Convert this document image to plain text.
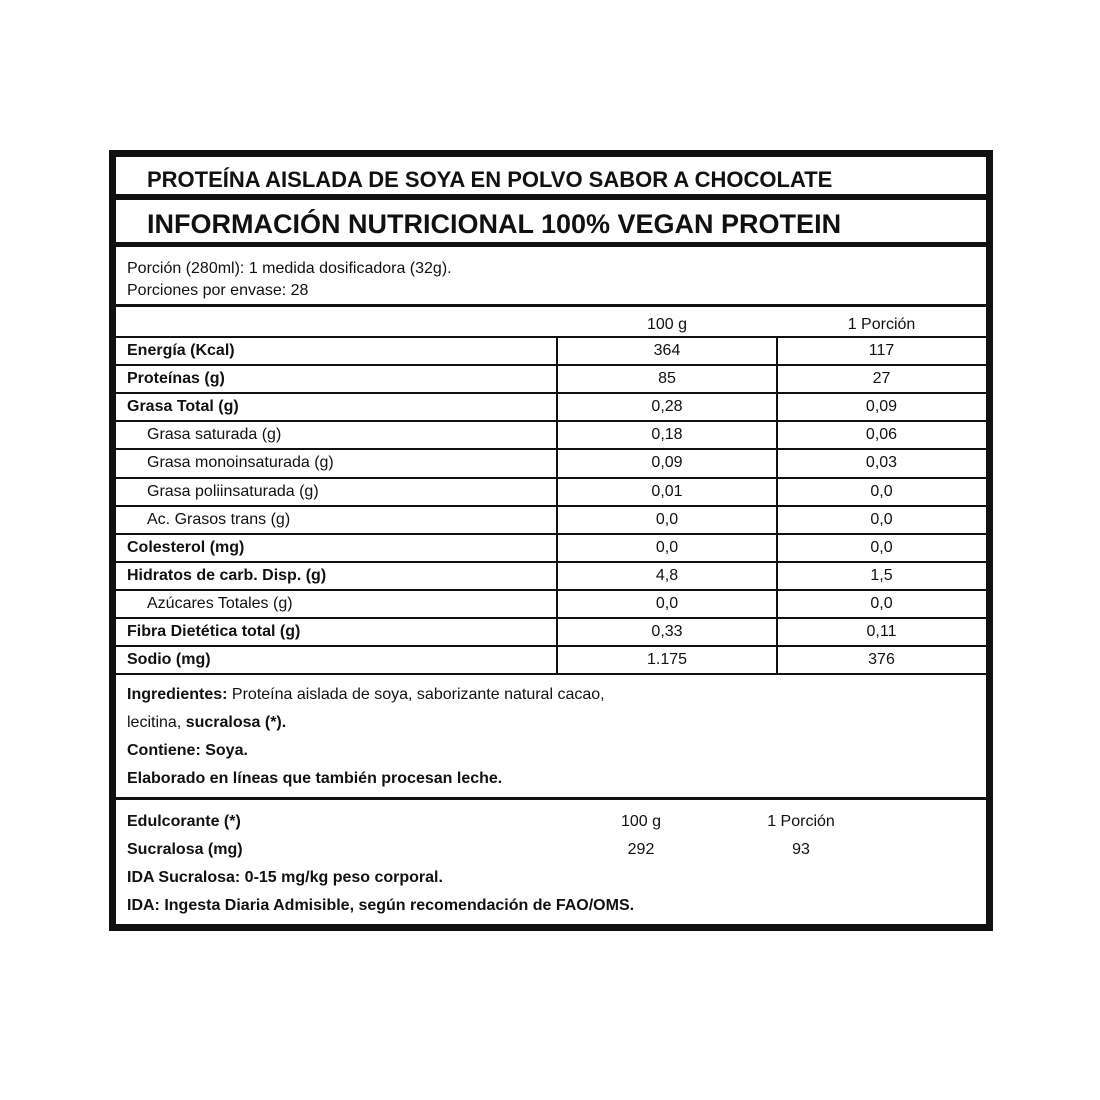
PROTEÍNA AISLADA DE SOYA EN POLVO SABOR A CHOCOLATE
INFORMACIÓN NUTRICIONAL 100% VEGAN PROTEIN
Porción (280ml): 1 medida dosificadora (32g).
Porciones por envase: 28
100 g	1 Porción
Energía (Kcal)	364	117
Proteínas (g)	85	27
Grasa Total (g)	0,28	0,09
Grasa saturada (g)	0,18	0,06
Grasa monoinsaturada (g)	0,09	0,03
Grasa poliinsaturada (g)	0,01	0,0
Ac. Grasos trans (g)	0,0	0,0
Colesterol (mg)	0,0	0,0
Hidratos de carb. Disp. (g)	4,8	1,5
Azúcares Totales (g)	0,0	0,0
Fibra Dietética total (g)	0,33	0,11
Sodio (mg)	1.175	376
Ingredientes: Proteína aislada de soya, saborizante natural cacao,
lecitina, sucralosa (*).
Contiene: Soya.
Elaborado en líneas que también procesan leche.
Edulcorante (*)	100 g	1 Porción
Sucralosa (mg)	292	93
IDA Sucralosa: 0-15 mg/kg peso corporal.
IDA: Ingesta Diaria Admisible, según recomendación de FAO/OMS.
